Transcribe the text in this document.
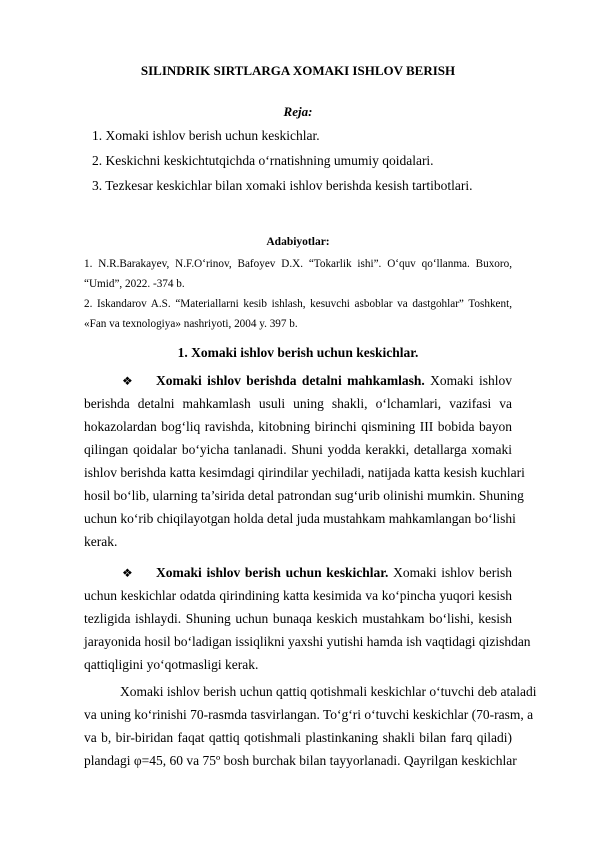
SILINDRIK SIRTLARGA XOMAKI ISHLOV BERISH
Reja:
1. Xomaki ishlov berish uchun keskichlar.
2. Keskichni keskichtutqichda o‘rnatishning umumiy qoidalari.
3. Tezkesar keskichlar bilan xomaki ishlov berishda kesish tartibotlari.
Adabiyotlar:
1. N.R.Barakayev, N.F.O‘rinov, Bafoyev D.X. “Tokarlik ishi”. O‘quv qo‘llanma. Buxoro,
“Umid”, 2022. -374 b.
2. Iskandarov A.S. “Materiallarni kesib ishlash, kesuvchi asboblar va dastgohlar” Toshkent,
«Fan va texnologiya» nashriyoti, 2004 y. 397 b.
1. Xomaki ishlov berish uchun keskichlar.
❖ Xomaki ishlov berishda detalni mahkamlash. Xomaki ishlov
berishda detalni mahkamlash usuli uning shakli, o‘lchamlari, vazifasi va
hokazolardan bog‘liq ravishda, kitobning birinchi qismining III bobida bayon
qilingan qoidalar bo‘yicha tanlanadi. Shuni yodda kerakki, detallarga xomaki
ishlov berishda katta kesimdagi qirindilar yechiladi, natijada katta kesish kuchlari
hosil bo‘lib, ularning ta’sirida detal patrondan sug‘urib olinishi mumkin. Shuning
uchun ko‘rib chiqilayotgan holda detal juda mustahkam mahkamlangan bo‘lishi
kerak.
❖ Xomaki ishlov berish uchun keskichlar. Xomaki ishlov berish
uchun keskichlar odatda qirindining katta kesimida va ko‘pincha yuqori kesish
tezligida ishlaydi. Shuning uchun bunaqa keskich mustahkam bo‘lishi, kesish
jarayonida hosil bo‘ladigan issiqlikni yaxshi yutishi hamda ish vaqtidagi qizishdan
qattiqligini yo‘qotmasligi kerak.
Xomaki ishlov berish uchun qattiq qotishmali keskichlar o‘tuvchi deb ataladi
va uning ko‘rinishi 70-rasmda tasvirlangan. To‘g‘ri o‘tuvchi keskichlar (70-rasm, a
va b, bir-biridan faqat qattiq qotishmali plastinkaning shakli bilan farq qiladi)
plandagi φ=45, 60 va 75º bosh burchak bilan tayyorlanadi. Qayrilgan keskichlar
